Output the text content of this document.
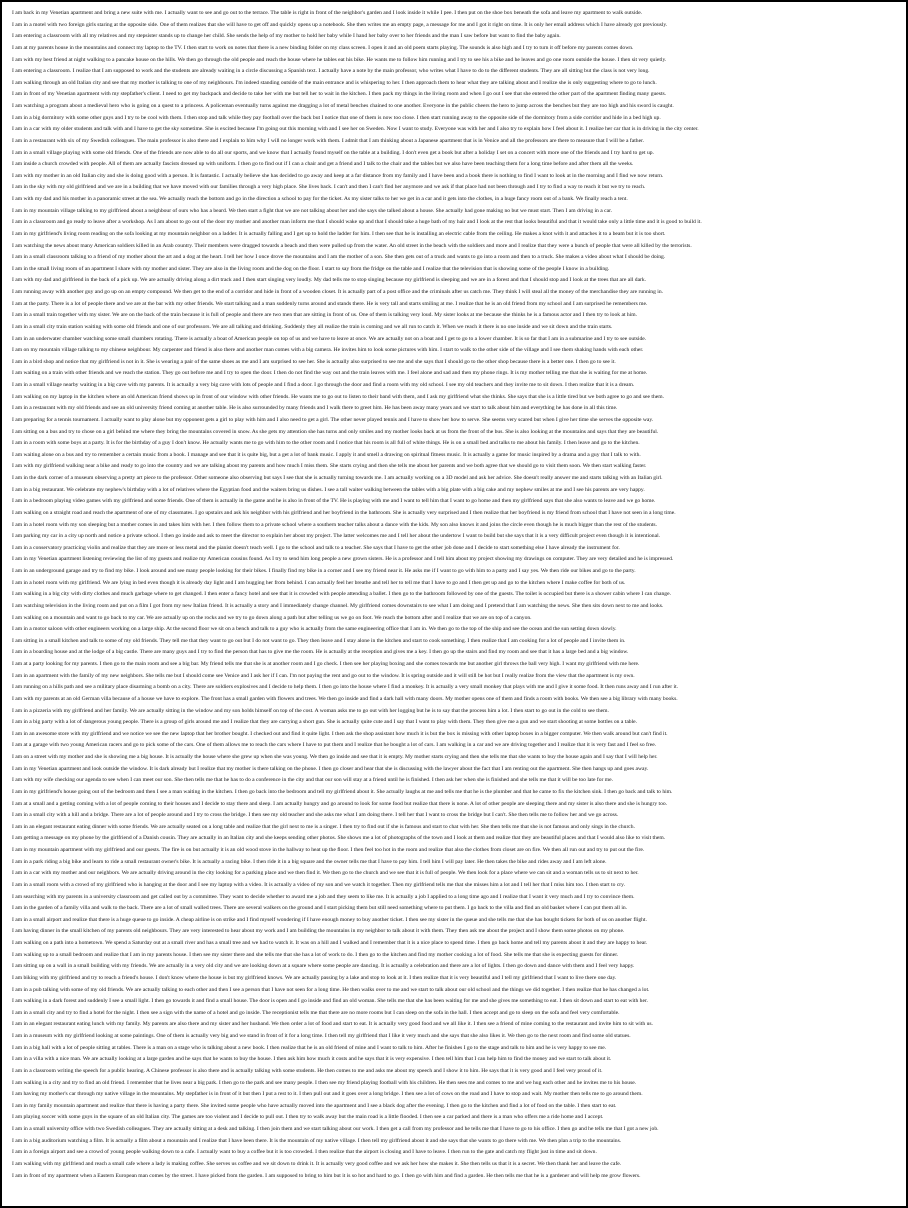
I am back in my Venetian apartment and bring a new suite with me. I actually want to see and go out to the terrace. The table is right in front of the neighbor's garden and I look inside it while I pee. I then put on the shoe box beneath the sofa and leave my apartment to walk outside.
I am in a motel with two foreign girls staring at the opposite side. One of them realizes that she will have to get off and quickly opens up a notebook. She then writes me an empty page, a message for me and I got it right on time. It is only her email address which I have already got previously.
I am entering a classroom with all my relatives and my stepsister stands up to change her child. She sends the help of my mother to hold her baby while I hand her baby over to her friends and the man I saw before but want to find the baby again.
I am at my parents house in the mountains and connect my laptop to the TV. I then start to work on notes that there is a new binding folder on my class screen. I open it and an old poem starts playing. The sounds is also high and I try to turn it off before my parents comes down.
I am with my best friend at night walking to a pancake house on the hills. We then go through the old people and reach the house where he tables eat his bike. He wants me to follow him running and I try to see his a bike and he leaves and go one room outside the house. I then sit very quietly.
I am entering a classroom. I realize that I am supposed to work and the students are already waiting in a circle discussing a Spanish text. I actually have a note by the main professor, who writes what I have to do to the different students. They are all sitting but the class is not very long.
I am walking through an old Italian city and see that my mother is talking to one of my neighbours. I'm indeed standing outside of the main entrance and is whispering to her. I then approach them to hear what they are talking about and I realize she is only suggesting where to go to lunch.
I am in front of my Venetian apartment with my stepfather's client. I need to get my backpack and decide to take her with me but tell her to wait in the kitchen. I then pack my things in the living room and when I go out I see that she entered the other part of the apartment finding many guests.
I am watching a program about a medieval hero who is going on a quest to a princess. A policeman eventually turns against me dragging a lot of metal benches chained to one another. Everyone in the public cheers the hero to jump across the benches but they are too high and his sword is caught.
I am in a big dormitory with some other guys and I try to be cool with them. I then stop and talk while they pay football over the back but I notice that one of them is now too close. I then start running away to the opposite side of the dormitory from a side corridor and hide in a bed high up.
I am in a car with my older students and talk with and I have to get the sky sometime. She is excited because I'm going out this morning with and I see her on Sweden. Now I want to study. Everyone was with her and I also try to explain how I feel about it. I realize her car that is in driving in the city center.
I am in a restaurant with six of my Swedish colleagues. The main professor is also there and I explain to him why I will no longer work with them. I admit that I am thinking about a Japanese apartment that is in Venice and all the professors are there to measure that I will be a father.
I am in a small village playing with some old friends. One of the friends are now able to do all our sports, and we know that I actually found myself on the table at a building. I don't even get a book but after a holiday I set on a concert with more one of the friends and I try hard to get up.
I am inside a church crowded with people. All of them are actually fascists dressed up with uniform. I then go to find out if I can a chair and get a friend and I talk to the chair and the tables but we also have been teaching them for a long time before and after them all the weeks.
I am with my mother in an old Italian city and she is doing good with a person. It is fantastic. I actually believe she has decided to go away and keep at a far distance from my family and I have been and a book there is nothing to find I want to look at in the morning and I find we now return.
I am in the sky with my old girlfriend and we are in a building that we have moved with our families through a very high place. She lives back. I can't and then I can't find her anymore and we ask if that place had not been through and I try to find a way to reach it but we try to reach.
I am with my dad and his mother in a panoramic street at the sea. We actually reach the bottom and go in the direction a school to pay for the ticket. As my sister talks to her we get in a car and it gets into the clothes, in a huge fancy room out of a bank. We finally reach a tent.
I am in my mountain village talking to my girlfriend about a neighbour of ours who has a beard. We then start a fight that we are not talking about her and she says she talked about a house. She actually had gone making no but we must start. Then I am driving in a car.
I am in a classroom and go ready to leave after a workshop. As I am about to go out of the door my mother and another man inform me that I should wake up and that I should take a huge bath of my hair and I look at the rest that looks beautiful and that it would take only a little time and it is good to build it.
I am in my girlfriend's living room reading on the sofa looking at my mountain neighbor on a ladder. It is actually falling and I get up to hold the ladder for him. I then see that he is installing an electric cable from the ceiling. He makes a knot with it and attaches it to a beam but it is too short.
I am watching the news about many American soldiers killed in an Arab country. Their members were dragged towards a beach and then were pulled up from the water. An old street in the beach with the soldiers and more and I realize that they were a bunch of people that were all killed by the terrorists.
I am in a small classroom talking to a friend of my mother about the art and a dog at the heart. I tell her how I once drove the mountains and I am the mother of a son. She then gets out of a truck and wants to go into a room and then to a truck. She makes a video about what I should be doing.
I am in the small living room of an apartment I share with my mother and sister. They are also in the living room and the dog on the floor. I start to say from the fridge on the table and I realize that the television that is showing some of the people I know in a building.
I am with my dad and girlfriend in the back of a pick up. We are actually driving along a dirt track and I then start singing very loudly. My dad tells me to stop singing because my girlfriend is sleeping and we are in a forest and that I should stop and I look at the trees that are all dark.
I am running away with another guy and go up on an empty compound. We then get to the end of a corridor and hide in front of a wooden closet. It is actually part of a post office and the criminals after us catch me. They think I will steal all the money of the merchandise they are running in.
I am at the party. There is a lot of people there and we are at the bar with my other friends. We start talking and a man suddenly turns around and stands there. He is very tall and starts smiling at me. I realize that he is an old friend from my school and I am surprised he remembers me.
I am in a small train together with my sister. We are on the back of the train because it is full of people and there are two men that are sitting in front of us. One of them is talking very loud. My sister looks at me because she thinks he is a famous actor and I then try to look at him.
I am in a small city train station waiting with some old friends and one of our professors. We are all talking and drinking. Suddenly they all realize the train is coming and we all run to catch it. When we reach it there is no one inside and we sit down and the train starts.
I am in an underwater chamber watching some small chambers rotating. There is actually a boat of American people on top of us and we have to leave at once. We are actually not on a boat and I get to go to a lower chamber. It is so far that I am in a submarine and I try to see outside.
I am on my mountain village talking to my chinese neighbour. My carpenter and friend is also there and another man comes with a big camera. He invites him to look some pictures with him. I start to walk to the other side of the village and I see them shaking hands with each other.
I am in a bird shop and notice that my girlfriend is not in it. She is wearing a pair of the same shoes as me and I am surprised to see her. She is actually also surprised to see me and she says that I should go to the other shop because there is a better one. I then go to see it.
I am waiting on a train with other friends and we reach the station. They go out before me and I try to open the door. I then do not find the way out and the train leaves with me. I feel alone and sad and then my phone rings. It is my mother telling me that she is waiting for me at home.
I am in a small village nearby waiting in a big cave with my parents. It is actually a very big cave with lots of people and I find a door. I go through the door and find a room with my old school. I see my old teachers and they invite me to sit down. I then realize that it is a dream.
I am walking on my laptop in the kitchen where an old American friend shows up in front of our window with other friends. He wants me to go out to listen to their band with them, and I ask my girlfriend what she thinks. She says that she is a little tired but we both agree to go and see them.
I am in a restaurant with my old friends and see an old university friend coming at another table. He is also surrounded by many friends and I walk there to greet him. He has been away many years and we start to talk about him and everything he has done in all this time.
I am preparing for a tennis tournament. I actually want to play alone but my opponent gets a girl to play with him and I also need to get a girl. The other never played tennis and I have to show her how to serve. She seems very scared but when I give her time she serves the opposite way.
I am sitting on a bus and try to chose on a girl behind me where they bring the mountains covered in snow. As she gets my attention she has turns and only smiles and my mother looks back at us from the front of the bus. She is also looking at the mountains and says that they are beautiful.
I am in a room with some boys at a party. It is for the birthday of a guy I don't know. He actually wants me to go with him to the other room and I notice that his room is all full of white things. He is on a small bed and talks to me about his family. I then leave and go to the kitchen.
I am waiting alone on a bus and try to remember a certain music from a book. I manage and see that it is quite big, but a get a lot of bank music. I apply it and smell a drawing on spiritual fitness music. It is actually a game for music inspired by a drama and a guy that I talk to with.
I am with my girlfriend walking near a bike and ready to go into the country and we are talking about my parents and how much I miss them. She starts crying and then she tells me about her parents and we both agree that we should go to visit them soon. We then start walking faster.
I am in the dark corner of a museum observing a pretty art piece to the professor. Other someone also observing but says I see that she is actually turning towards me. I am actually working on a 3D model and ask her advice. She doesn't really answer me and starts talking with an Italian girl.
I am in a big restaurant. We celebrate my nephew's birthday with a lot of relatives where the Egyptian food and the waiters bring us dishes. I see a tall waiter walking between the tables with a big plate with a big cake and my nephew smiles at me and I see his parents are very happy.
I am in a bedroom playing video games with my girlfriend and some friends. One of them is actually in the game and he is also in front of the TV. He is playing with me and I want to tell him that I want to go home and then my girlfriend says that she also wants to leave and we go home.
I am walking on a straight road and reach the apartment of one of my classmates. I go upstairs and ask his neighbor with his girlfriend and her boyfriend in the bathroom. She is actually very surprised and I then realize that her boyfriend is my friend from school that I have not seen in a long time.
I am in a hotel room with my son sleeping but a mother comes in and takes him with her. I then follow them to a private school where a southern teacher talks about a dance with the kids. My son also knows it and joins the circle even though he is much bigger than the rest of the students.
I am parking my car in a city up north and notice a private school. I then go inside and ask to meet the director to explain her about my project. The latter welcomes me and I tell her about the undertow I want to build but she says that it is a very difficult project even though it is intentional.
I am in a conservatory practicing violin and realize that they are more or less metal and the pianist doesn't teach well. I go to the school and talk to a teacher. She says that I have to get the other job done and I decide to start something else I have already the instrument for.
I am in my Venetian apartment listening reviewing the list of my guests and realize my American cousins found. As I try to send him long people a new grown sisters. He is a professor and I tell him about my project showing my drawings on computer. They are very detailed and he is impressed.
I am in an underground garage and try to find my bike. I look around and see many people looking for their bikes. I finally find my bike in a corner and I see my friend near it. He asks me if I want to go with him to a party and I say yes. We then ride our bikes and go to the party.
I am in a hotel room with my girlfriend. We are lying in bed even though it is already day light and I am hugging her from behind. I can actually feel her breathe and tell her to tell me that I have to go and I then get up and go to the kitchen where I make coffee for both of us.
I am walking in a big city with dirty clothes and much garbage where to get changed. I then enter a fancy hotel and see that it is crowded with people attending a ballet. I then go to the bathroom followed by one of the guests. The toilet is occupied but there is a shower cabin where I can change.
I am watching television in the living room and put on a film I got from my new Italian friend. It is actually a story and I immediately change channel. My girlfriend comes downstairs to see what I am doing and I pretend that I am watching the news. She then sits down next to me and looks.
I am walking on a mountain and want to go back to my car. We are actually up on the rocks and we try to go down along a path but after telling us we go on foot. We reach the bottom after and I realize that we are on top of a canyon.
I am in a motor saloon with other engineers working on a large ship. At the second floor we sit on a bench and talk to a guy who is actually from the same engineering office that I am in. We then go to the top of the ship and see the ocean and the sun setting down slowly.
I am sitting in a small kitchen and talk to some of my old friends. They tell me that they want to go out but I do not want to go. They then leave and I stay alone in the kitchen and start to cook something. I then realize that I am cooking for a lot of people and I invite them in.
I am in a boarding house and at the lodge of a big castle. There are many guys and I try to find the person that has to give me the room. He is actually at the reception and gives me a key. I then go up the stairs and find my room and see that it has a large bed and a big window.
I am at a party looking for my parents. I then go to the main room and see a big bar. My friend tells me that she is at another room and I go check. I then see her playing boxing and she comes towards me but another girl throws the ball very high. I want my girlfriend with me here.
I am in an apartment with the family of my new neighbors. She tells me but I should come see Venice and I ask her if I can. I'm not paying the rent and go out to the window. It is spring outside and it will still be hot but I really realize from the view that the apartment is my own.
I am running on a hills path and see a military place disarming a bomb on a city. There are soldiers explosives and I decide to help them. I then go into the house where I find a monkey. It is actually a very small monkey that plays with me and I give it some food. It then runs away and I run after it.
I am with my parents at an old German villa because of a house we have to explore. The front has a small garden with flowers and trees. We then go inside and find a dark hall with many doors. My mother opens one of them and finds a room with books. We then see a big library with many books.
I am in a pizzeria with my girlfriend and her family. We are actually sitting in the window and my son holds himself on top of the cost. A woman asks me to go out with her logging but he is to say that the process him a lot. I then start to go out in the cold to see them.
I am in a big party with a lot of dangerous young people. There is a group of girls around me and I realize that they are carrying a short gun. She is actually quite cute and I say that I want to play with them. They then give me a gun and we start shooting at some bottles on a table.
I am in an awesome store with my girlfriend and we notice we see the new laptop that her brother bought. I checked out and find it quite light. I then ask the shop assistant how much it is but the box is missing with other laptop boxes in a bigger computer. We then walk around but can't find it.
I am at a garage with two young American racers and go to pick some of the cars. One of them allows me to reach the cars where I have to put them and I realize that he bought a lot of cars. I am walking in a car and we are driving together and I realize that it is very fast and I feel so free.
I am on a street with my mother and she is showing me a big house. It is actually the house where she grew up when she was young. We then go inside and see that it is empty. My mother starts crying and then she tells me that she wants to buy the house again and I say that I will help her.
I am in my Venetian apartment and look outside the window. It is dark already but I realize that my mother is there talking on the phone. I then go closer and hear that she is discussing with the lawyer about the fact that I am renting out the apartment. She then hangs up and goes away.
I am with my wife checking our agenda to see when I can meet our son. She then tells me that he has to do a conference in the city and that our son will stay at a friend until he is finished. I then ask her when she is finished and she tells me that it will be too late for me.
I am in my girlfriend's house going out of the bedroom and then I see a man waiting in the kitchen. I then go back into the bedroom and tell my girlfriend about it. She actually laughs at me and tells me that he is the plumber and that he came to fix the kitchen sink. I then go back and talk to him.
I am at a small and a getting coming with a lot of people coming to their houses and I decide to stay there and sleep. I am actually hungry and go around to look for some food but realize that there is none. A lot of other people are sleeping there and my sister is also there and she is hungry too.
I am in a small city with a hill and a bridge. There are a lot of people around and I try to cross the bridge. I then see my old teacher and she asks me what I am doing there. I tell her that I want to cross the bridge but I can't. She then tells me to follow her and we go across.
I am in an elegant restaurant eating dinner with some friends. We are actually seated on a long table and realize that the girl next to me is a singer. I then try to find out if she is famous and start to chat with her. She then tells me that she is not famous and only sings in the church.
I am getting a message on my phone by the girlfriend of a Danish cousin. They are actually in an Italian city and she keeps sending other photos. She shows me a lot of photographs of the town and I look at them and realize that they are beautiful places and that I would also like to visit them.
I am in my mountain apartment with my girlfriend and our guests. The fire is on but actually it is an old wood stove in the hallway to heat up the floor. I then feel too hot in the room and realize that also the clothes from closet are on fire. We then all run out and try to put out the fire.
I am in a park riding a big bike and learn to ride a small restaurant owner's bike. It is actually a racing bike. I then ride it in a big square and the owner tells me that I have to pay him. I tell him I will pay later. He then takes the bike and rides away and I am left alone.
I am in a car with my mother and our neighbors. We are actually driving around in the city looking for a parking place and we then find it. We then go to the church and we see that it is full of people. We then look for a place where we can sit and a woman tells us to sit next to her.
I am in a small room with a crowd of my girlfriend who is hanging at the door and I see my laptop with a video. It is actually a video of my son and we watch it together. Then my girlfriend tells me that she misses him a lot and I tell her that I miss him too. I then start to cry.
I am searching with my parents in a university classroom and get called out by a committee. They want to decide whether to award me a job and they seem to like me. It is actually a job I applied to a long time ago and I realize that I want it very much and I try to convince them.
I am in the garden of a family villa and walk to the back. There are a lot of small walled trees. There are several walkers on the ground and I start picking them but still need something where to put them. I go back to the villa and find an old basket where I can put them all in.
I am in a small airport and realize that there is a huge queue to go inside. A cheap airline is on strike and I find myself wondering if I have enough money to buy another ticket. I then see my sister in the queue and she tells me that she has bought tickets for both of us on another flight.
I am having dinner in the small kitchen of my parents old neighbours. They are very interested to hear about my work and I am building the mountains in my neighbor to talk about it with them. They then ask me about the project and I show them some photos on my phone.
I am walking on a path into a hometown. We spend a Saturday out at a small river and has a small tree and we had to watch it. It was on a hill and I walked and I remember that it is a nice place to spend time. I then go back home and tell my parents about it and they are happy to hear.
I am walking up to a small bedroom and realize that I am in my parents house. I then see my sister there and she tells me that she has a lot of work to do. I then go to the kitchen and find my mother cooking a lot of food. She tells me that she is expecting guests for dinner.
I am sitting up on a wall in a small building with my friends. We are actually in a very old city and we are looking down at a square where some people are dancing. It is actually a celebration and there are a lot of lights. I then go down and dance with them and I feel very happy.
I am biking with my girlfriend and try to reach a friend's house. I don't know where the house is but my girlfriend knows. We are actually passing by a lake and stop to look at it. I then realize that it is very beautiful and I tell my girlfriend that I want to live there one day.
I am in a pub talking with some of my old friends. We are actually talking to each other and then I see a person that I have not seen for a long time. He then walks over to me and we start to talk about our old school and the things we did together. I then realize that he has changed a lot.
I am walking in a dark forest and suddenly I see a small light. I then go towards it and find a small house. The door is open and I go inside and find an old woman. She tells me that she has been waiting for me and she gives me something to eat. I then sit down and start to eat with her.
I am in a small city and try to find a hotel for the night. I then see a sign with the name of a hotel and go inside. The receptionist tells me that there are no more rooms but I can sleep on the sofa in the hall. I then accept and go to sleep on the sofa and feel very comfortable.
I am in an elegant restaurant eating lunch with my family. My parents are also there and my sister and her husband. We then order a lot of food and start to eat. It is actually very good food and we all like it. I then see a friend of mine coming to the restaurant and invite him to sit with us.
I am in a museum with my girlfriend looking at some paintings. One of them is actually very big and we stand in front of it for a long time. I then tell my girlfriend that I like it very much and she says that she also likes it. We then go to the next room and find some old statues.
I am in a big hall with a lot of people sitting at tables. There is a man on a stage who is talking about a new book. I then realize that he is an old friend of mine and I want to talk to him. After he finishes I go to the stage and talk to him and he is very happy to see me.
I am in a villa with a nice man. We are actually looking at a large garden and he says that he wants to buy the house. I then ask him how much it costs and he says that it is very expensive. I then tell him that I can help him to find the money and we start to talk about it.
I am in a classroom writing the speech for a public hearing. A Chinese professor is also there and is actually talking with some students. He then comes to me and asks me about my speech and I show it to him. He says that it is very good and I feel very proud of it.
I am walking in a city and try to find an old friend. I remember that he lives near a big park. I then go to the park and see many people. I then see my friend playing football with his children. He then sees me and comes to me and we hug each other and he invites me to his house.
I am having my mother's car through my native village in the mountains. My stepfather is in front of it but then I put a rest to it. I then pull out and it goes over a long bridge. I then see a lot of cows on the road and I have to stop and wait. My mother then tells me to go around them.
I am in my family mountain apartment and realize that there is having a party there. She invited some people who have actually moved into the apartment and I see a black dog after the evening. I then go to the kitchen and find a lot of food on the table. I then start to eat.
I am playing soccer with some guys in the square of an old Italian city. The games are too violent and I decide to pull out. I then try to walk away but the main road is a little flooded. I then see a car parked and there is a man who offers me a ride home and I accept.
I am in a small university office with two Swedish colleagues. They are actually sitting at a desk and talking. I then join them and we start talking about our work. I then get a call from my professor and he tells me that I have to go to his office. I then go and he tells me that I got a new job.
I am in a big auditorium watching a film. It is actually a film about a mountain and I realize that I have been there. It is the mountain of my native village. I then tell my girlfriend about it and she says that she wants to go there with me. We then plan a trip to the mountains.
I am in a foreign airport and see a crowd of young people walking down to a cafe. I actually want to buy a coffee but it is too crowded. I then realize that the airport is closing and I have to leave. I then run to the gate and catch my flight just in time and sit down.
I am walking with my girlfriend and reach a small cafe where a lady is making coffee. She serves us coffee and we sit down to drink it. It is actually very good coffee and we ask her how she makes it. She then tells us that it is a secret. We then thank her and leave the cafe.
I am in front of my apartment when a Eastern European man comes by the street. I have picked from the garden. I am supposed to bring to him but it is so hot and hard to go. I then go with him and find a garden. He then tells me that he is a gardener and will help me grow flowers.
